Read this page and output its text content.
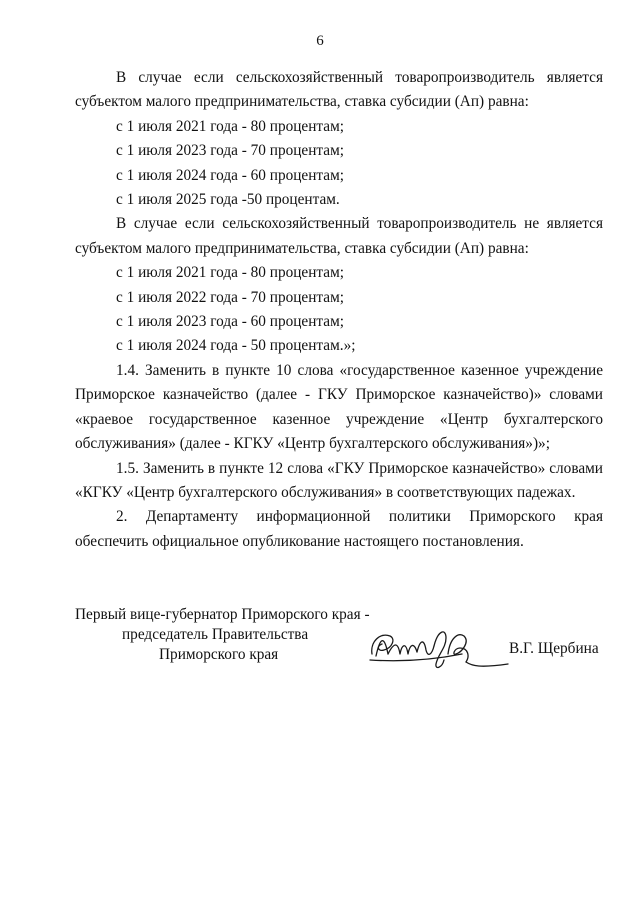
6

В случае если сельскохозяйственный товаропроизводитель является субъектом малого предпринимательства, ставка субсидии (Ап) равна:

с 1 июля 2021 года - 80 процентам;

с 1 июля 2023 года - 70 процентам;

с 1 июля 2024 года - 60 процентам;

с 1 июля 2025 года -50 процентам.

В случае если сельскохозяйственный товаропроизводитель не является субъектом малого предпринимательства, ставка субсидии (Ап) равна:

с 1 июля 2021 года - 80 процентам;

с 1 июля 2022 года - 70 процентам;

с 1 июля 2023 года - 60 процентам;

с 1 июля 2024 года - 50 процентам.»;

1.4. Заменить в пункте 10 слова «государственное казенное учреждение Приморское казначейство (далее - ГКУ Приморское казначейство)» словами «краевое государственное казенное учреждение «Центр бухгалтерского обслуживания» (далее - КГКУ «Центр бухгалтерского обслуживания»)»;

1.5. Заменить в пункте 12 слова «ГКУ Приморское казначейство» словами «КГКУ «Центр бухгалтерского обслуживания» в соответствующих падежах.

2. Департаменту информационной политики Приморского края обеспечить официальное опубликование настоящего постановления.

Первый вице-губернатор Приморского края -
председатель Правительства
Приморского края	В.Г. Щербина
